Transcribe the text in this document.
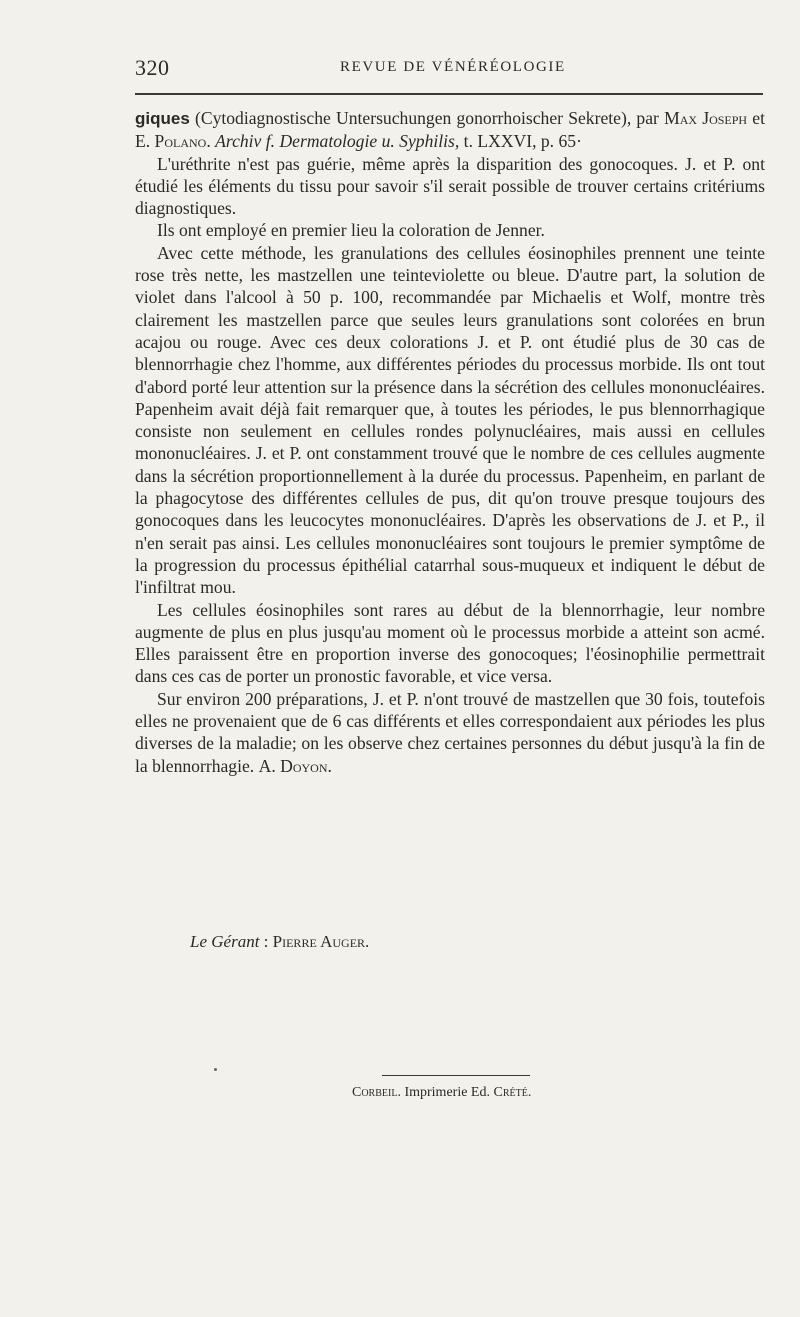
320	REVUE DE VÉNÉRÉOLOGIE

giques (Cytodiagnostische Untersuchungen gonorrhoischer Sekrete), par Max Joseph et E. Polano. Archiv f. Dermatologie u. Syphilis, t. LXXVI, p. 65·

L'uréthrite n'est pas guérie, même après la disparition des gonocoques. J. et P. ont étudié les éléments du tissu pour savoir s'il serait possible de trouver certains critériums diagnostiques.

Ils ont employé en premier lieu la coloration de Jenner.

Avec cette méthode, les granulations des cellules éosinophiles prennent une teinte rose très nette, les mastzellen une teinteviolette ou bleue. D'autre part, la solution de violet dans l'alcool à 50 p. 100, recommandée par Michaelis et Wolf, montre très clairement les mastzellen parce que seules leurs granulations sont colorées en brun acajou ou rouge. Avec ces deux colorations J. et P. ont étudié plus de 30 cas de blennorrhagie chez l'homme, aux différentes périodes du processus morbide. Ils ont tout d'abord porté leur attention sur la présence dans la sécrétion des cellules mononucléaires. Papenheim avait déjà fait remarquer que, à toutes les périodes, le pus blennorrhagique consiste non seulement en cellules rondes polynucléaires, mais aussi en cellules mononucléaires. J. et P. ont constamment trouvé que le nombre de ces cellules augmente dans la sécrétion proportionnellement à la durée du processus. Papenheim, en parlant de la phagocytose des différentes cellules de pus, dit qu'on trouve presque toujours des gonocoques dans les leucocytes mononucléaires. D'après les observations de J. et P., il n'en serait pas ainsi. Les cellules mononucléaires sont toujours le premier symptôme de la progression du processus épithélial catarrhal sous-muqueux et indiquent le début de l'infiltrat mou.

Les cellules éosinophiles sont rares au début de la blennorrhagie, leur nombre augmente de plus en plus jusqu'au moment où le processus morbide a atteint son acmé. Elles paraissent être en proportion inverse des gonocoques; l'éosinophilie permettrait dans ces cas de porter un pronostic favorable, et vice versa.

Sur environ 200 préparations, J. et P. n'ont trouvé de mastzellen que 30 fois, toutefois elles ne provenaient que de 6 cas différents et elles correspondaient aux périodes les plus diverses de la maladie; on les observe chez certaines personnes du début jusqu'à la fin de la blennorrhagie. A. Doyon.

Le Gérant : Pierre Auger.
Corbeil. Imprimerie Ed. Crété.
